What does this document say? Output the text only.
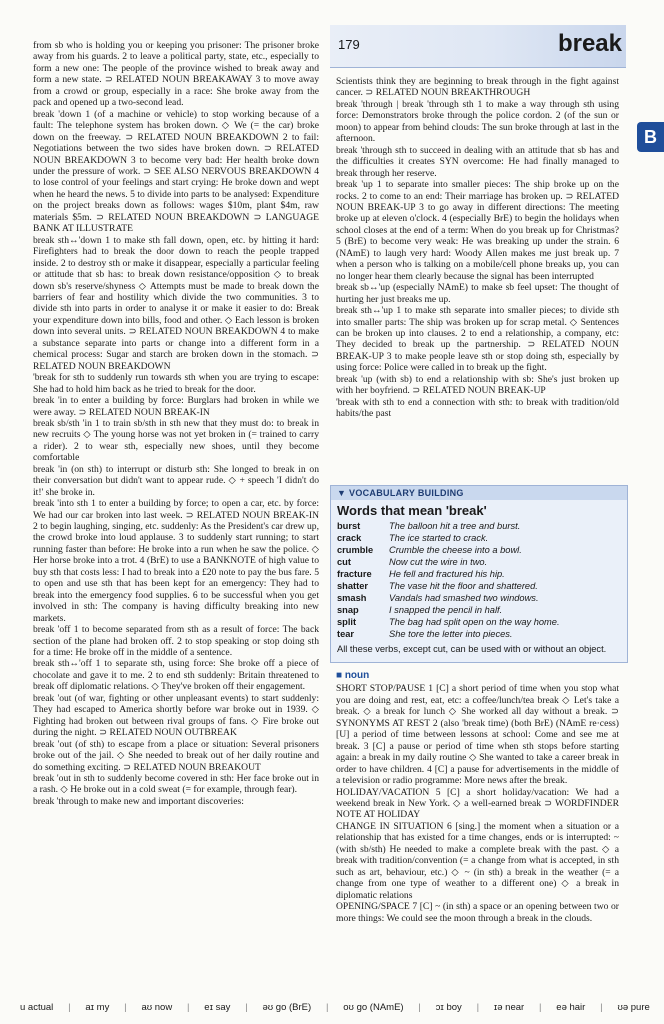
179	break
B

from sb who is holding you or keeping you prisoner: The prisoner broke away from his guards. 2 to leave a political party, state, etc., especially to form a new one: The people of the province wished to break away and form a new state. ⊃ RELATED NOUN BREAKAWAY 3 to move away from a crowd or group, especially in a race: She broke away from the pack and opened up a two-second lead.

break 'down 1 (of a machine or vehicle) to stop working because of a fault: The telephone system has broken down. ◇ We (= the car) broke down on the freeway. ⊃ RELATED NOUN BREAKDOWN 2 to fail: Negotiations between the two sides have broken down. ⊃ RELATED NOUN BREAKDOWN 3 to become very bad: Her health broke down under the pressure of work. ⊃ SEE ALSO NERVOUS BREAKDOWN 4 to lose control of your feelings and start crying: He broke down and wept when he heard the news. 5 to divide into parts to be analysed: Expenditure on the project breaks down as follows: wages $10m, plant $4m, raw materials $5m. ⊃ RELATED NOUN BREAKDOWN ⊃ LANGUAGE BANK AT ILLUSTRATE

break sth↔'down 1 to make sth fall down, open, etc. by hitting it hard: Firefighters had to break the door down to reach the people trapped inside. 2 to destroy sth or make it disappear, especially a particular feeling or attitude that sb has: to break down resistance/opposition ◇ to break down sb's reserve/shyness ◇ Attempts must be made to break down the barriers of fear and hostility which divide the two communities. 3 to divide sth into parts in order to analyse it or make it easier to do: Break your expenditure down into bills, food and other. ◇ Each lesson is broken down into several units. ⊃ RELATED NOUN BREAKDOWN 4 to make a substance separate into parts or change into a different form in a chemical process: Sugar and starch are broken down in the stomach. ⊃ RELATED NOUN BREAKDOWN

'break for sth to suddenly run towards sth when you are trying to escape: She had to hold him back as he tried to break for the door.

break 'in to enter a building by force: Burglars had broken in while we were away. ⊃ RELATED NOUN BREAK-IN

break sb/sth 'in 1 to train sb/sth in sth new that they must do: to break in new recruits ◇ The young horse was not yet broken in (= trained to carry a rider). 2 to wear sth, especially new shoes, until they become comfortable

break 'in (on sth) to interrupt or disturb sth: She longed to break in on their conversation but didn't want to appear rude. ◇ + speech 'I didn't do it!' she broke in.

break 'into sth 1 to enter a building by force; to open a car, etc. by force: We had our car broken into last week. ⊃ RELATED NOUN BREAK-IN 2 to begin laughing, singing, etc. suddenly: As the President's car drew up, the crowd broke into loud applause. 3 to suddenly start running; to start running faster than before: He broke into a run when he saw the police. ◇ Her horse broke into a trot. 4 (BrE) to use a BANKNOTE of high value to buy sth that costs less: I had to break into a £20 note to pay the bus fare. 5 to open and use sth that has been kept for an emergency: They had to break into the emergency food supplies. 6 to be successful when you get involved in sth: The company is having difficulty breaking into new markets.

break 'off 1 to become separated from sth as a result of force: The back section of the plane had broken off. 2 to stop speaking or stop doing sth for a time: He broke off in the middle of a sentence.

break sth↔'off 1 to separate sth, using force: She broke off a piece of chocolate and gave it to me. 2 to end sth suddenly: Britain threatened to break off diplomatic relations. ◇ They've broken off their engagement.

break 'out (of war, fighting or other unpleasant events) to start suddenly: They had escaped to America shortly before war broke out in 1939. ◇ Fighting had broken out between rival groups of fans. ◇ Fire broke out during the night. ⊃ RELATED NOUN OUTBREAK

break 'out (of sth) to escape from a place or situation: Several prisoners broke out of the jail. ◇ She needed to break out of her daily routine and do something exciting. ⊃ RELATED NOUN BREAKOUT

break 'out in sth to suddenly become covered in sth: Her face broke out in a rash. ◇ He broke out in a cold sweat (= for example, through fear).

break 'through to make new and important discoveries:

Scientists think they are beginning to break through in the fight against cancer. ⊃ RELATED NOUN BREAKTHROUGH

break 'through | break 'through sth 1 to make a way through sth using force: Demonstrators broke through the police cordon. 2 (of the sun or moon) to appear from behind clouds: The sun broke through at last in the afternoon.

break 'through sth to succeed in dealing with an attitude that sb has and the difficulties it creates SYN overcome: He had finally managed to break through her reserve.

break 'up 1 to separate into smaller pieces: The ship broke up on the rocks. 2 to come to an end: Their marriage has broken up. ⊃ RELATED NOUN BREAK-UP 3 to go away in different directions: The meeting broke up at eleven o'clock. 4 (especially BrE) to begin the holidays when school closes at the end of a term: When do you break up for Christmas? 5 (BrE) to become very weak: He was breaking up under the strain. 6 (NAmE) to laugh very hard: Woody Allen makes me just break up. 7 when a person who is talking on a mobile/cell phone breaks up, you can no longer hear them clearly because the signal has been interrupted

break sb↔'up (especially NAmE) to make sb feel upset: The thought of hurting her just breaks me up.

break sth↔'up 1 to make sth separate into smaller pieces; to divide sth into smaller parts: The ship was broken up for scrap metal. ◇ Sentences can be broken up into clauses. 2 to end a relationship, a company, etc: They decided to break up the partnership. ⊃ RELATED NOUN BREAK-UP 3 to make people leave sth or stop doing sth, especially by using force: Police were called in to break up the fight.

break 'up (with sb) to end a relationship with sb: She's just broken up with her boyfriend. ⊃ RELATED NOUN BREAK-UP

'break with sth to end a connection with sth: to break with tradition/old habits/the past

▼ VOCABULARY BUILDING
Words that mean 'break'
burst	The balloon hit a tree and burst.
crack	The ice started to crack.
crumble	Crumble the cheese into a bowl.
cut	Now cut the wire in two.
fracture	He fell and fractured his hip.
shatter	The vase hit the floor and shattered.
smash	Vandals had smashed two windows.
snap	I snapped the pencil in half.
split	The bag had split open on the way home.
tear	She tore the letter into pieces.
All these verbs, except cut, can be used with or without an object.
■ noun

SHORT STOP/PAUSE 1 [C] a short period of time when you stop what you are doing and rest, eat, etc: a coffee/lunch/tea break ◇ Let's take a break. ◇ a break for lunch ◇ She worked all day without a break. ⊃ SYNONYMS AT REST 2 (also 'break time) (both BrE) (NAmE re·cess) [U] a period of time between lessons at school: Come and see me at break. 3 [C] a pause or period of time when sth stops before starting again: a break in my daily routine ◇ She wanted to take a career break in order to have children. 4 [C] a pause for advertisements in the middle of a television or radio programme: More news after the break.

HOLIDAY/VACATION 5 [C] a short holiday/vacation: We had a weekend break in New York. ◇ a well-earned break ⊃ WORDFINDER NOTE AT HOLIDAY

CHANGE IN SITUATION 6 [sing.] the moment when a situation or a relationship that has existed for a time changes, ends or is interrupted: ~ (with sb/sth) He needed to make a complete break with the past. ◇ a break with tradition/convention (= a change from what is accepted, in sth such as art, behaviour, etc.) ◇ ~ (in sth) a break in the weather (= a change from one type of weather to a different one) ◇ a break in diplomatic relations

OPENING/SPACE 7 [C] ~ (in sth) a space or an opening between two or more things: We could see the moon through a break in the clouds.

u actual | aɪ my | aʊ now | eɪ say | əʊ go (BrE) | oʊ go (NAmE) | ɔɪ boy | ɪə near | eə hair | ʊə pure
